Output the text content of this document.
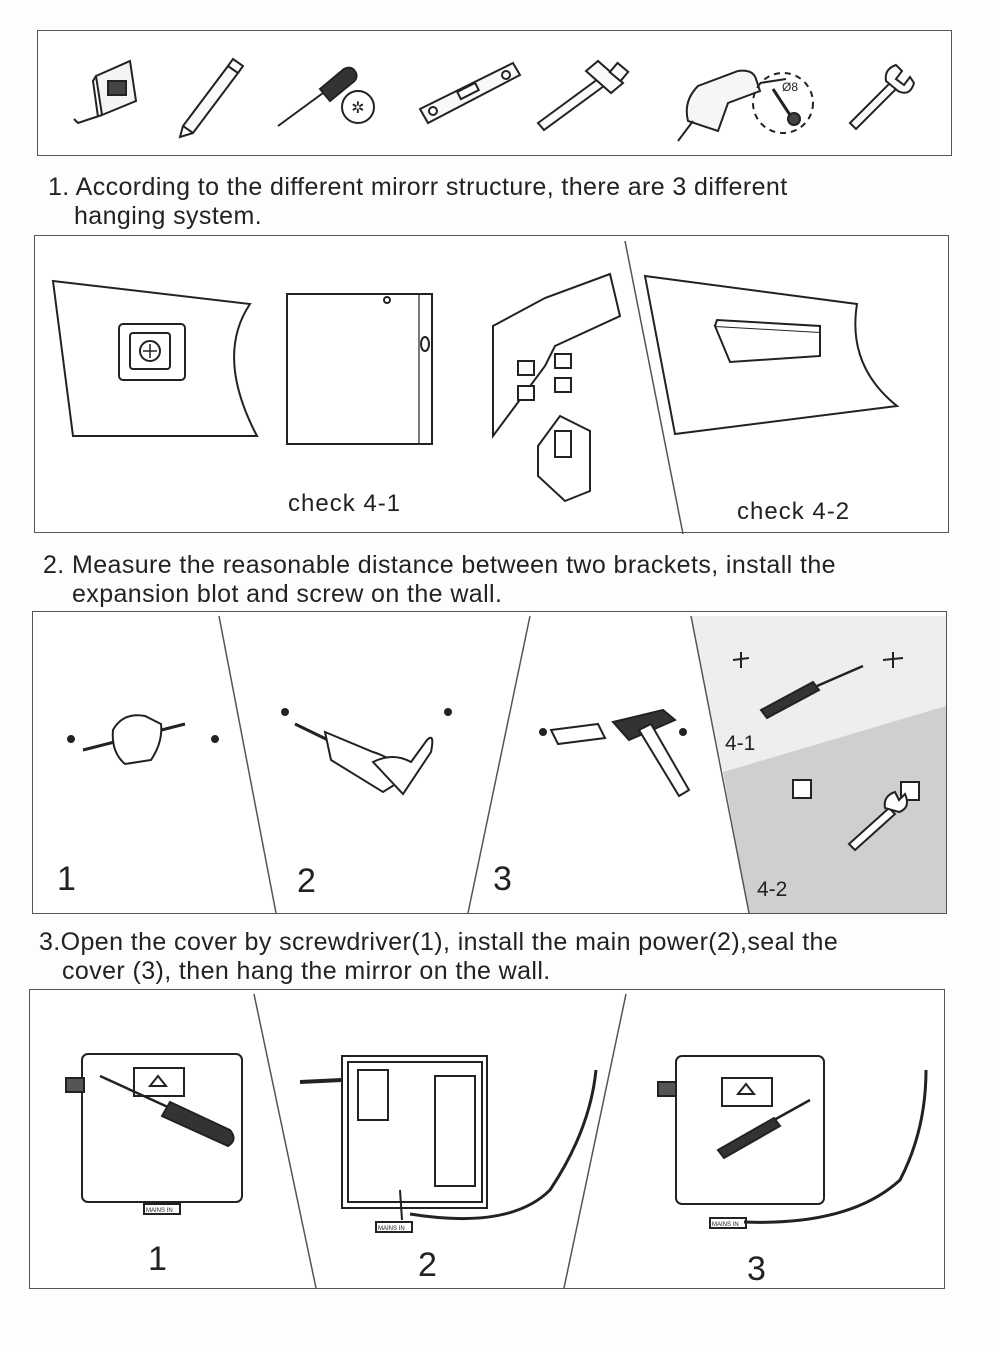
✲
Ø8

1. According to the different mirorr structure, there are 3 different
hanging system.

check 4-1	check 4-2

2. Measure the reasonable distance between two brackets, install the
expansion blot and screw on the wall.

1	2	3
4-1
4-2

3.Open the cover by screwdriver(1), install the main power(2),seal the
cover (3), then hang the mirror on the wall.

MAINS IN
MAINS IN
MAINS IN
1	2	3
